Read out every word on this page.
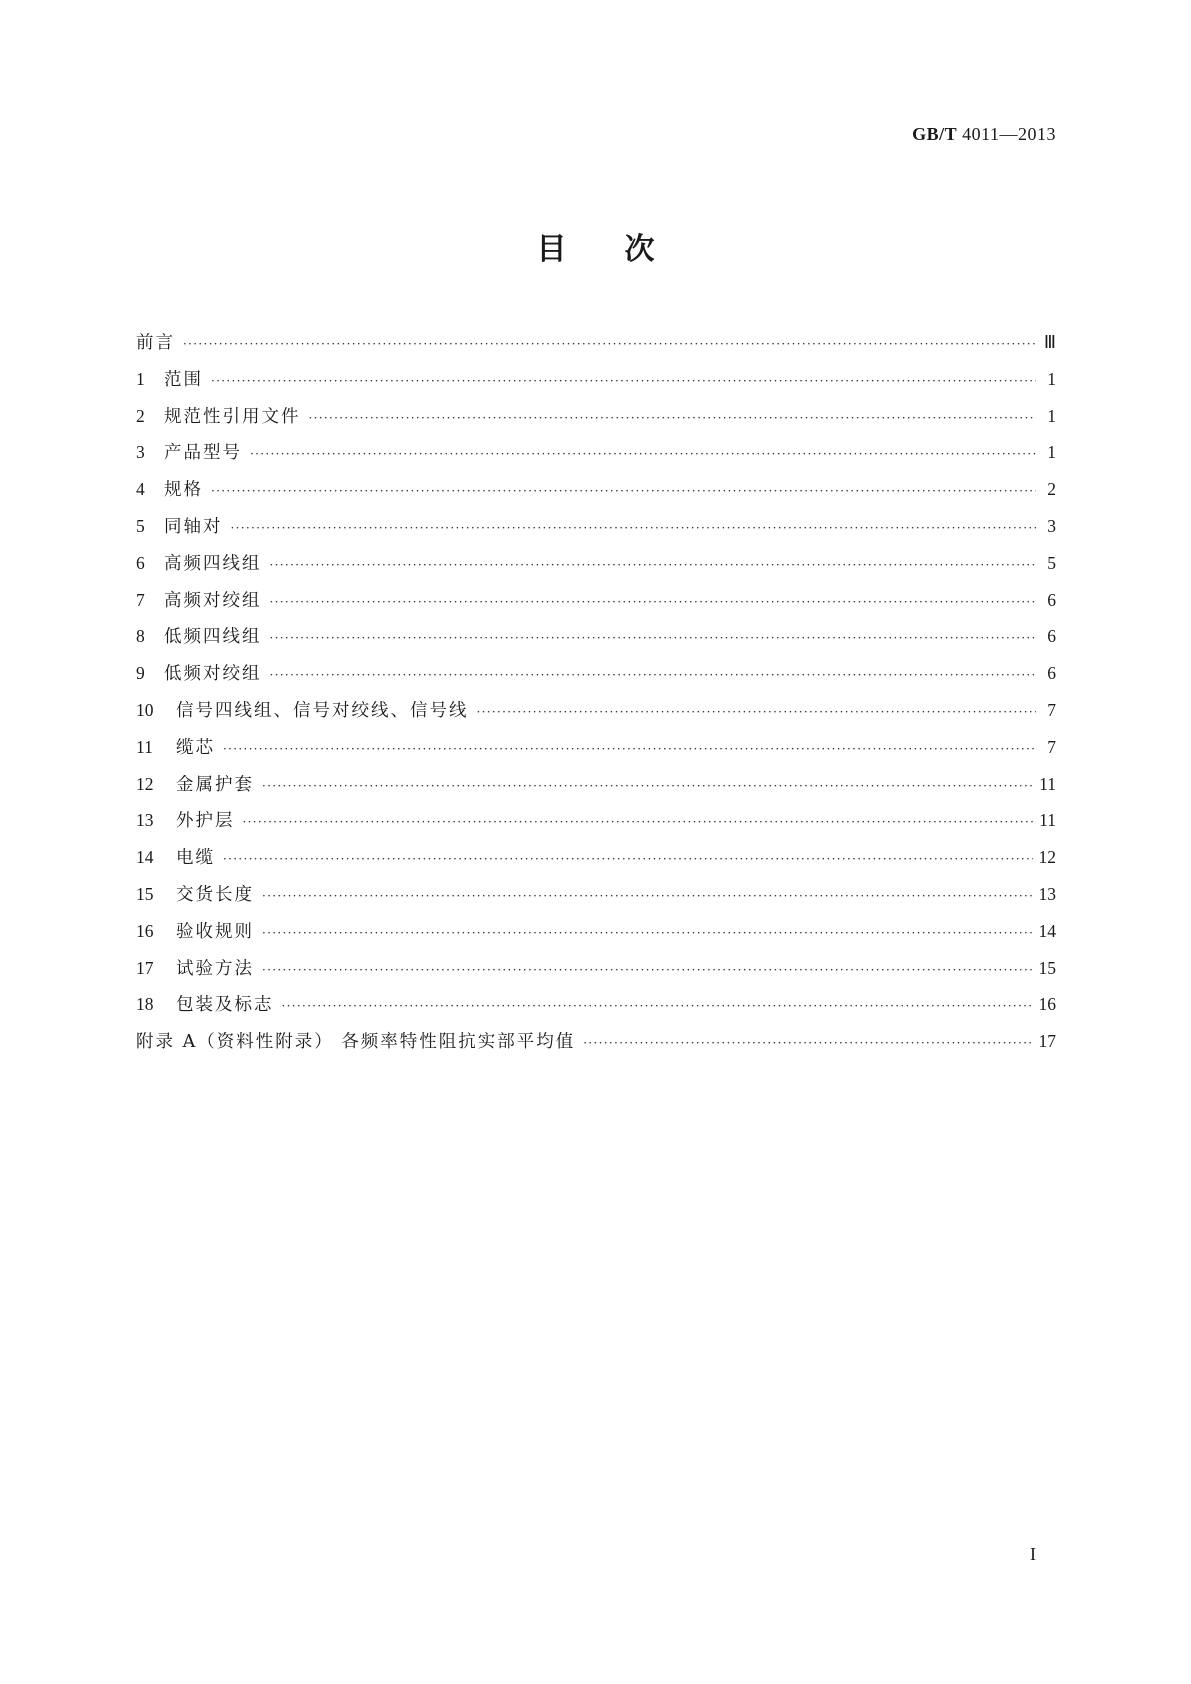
GB/T 4011—2013
目次
前言 ·····	Ⅲ
1	范围 ·····	1
2	规范性引用文件 ·····	1
3	产品型号 ·····	1
4	规格 ·····	2
5	同轴对 ·····	3
6	高频四线组 ·····	5
7	高频对绞组 ·····	6
8	低频四线组 ·····	6
9	低频对绞组 ·····	6
10	信号四线组、信号对绞线、信号线 ·····	7
11	缆芯 ·····	7
12	金属护套 ·····	11
13	外护层 ·····	11
14	电缆 ·····	12
15	交货长度 ·····	13
16	验收规则 ·····	14
17	试验方法 ·····	15
18	包装及标志 ·····	16
附录 A（资料性附录） 各频率特性阻抗实部平均值 ·····	17
I
